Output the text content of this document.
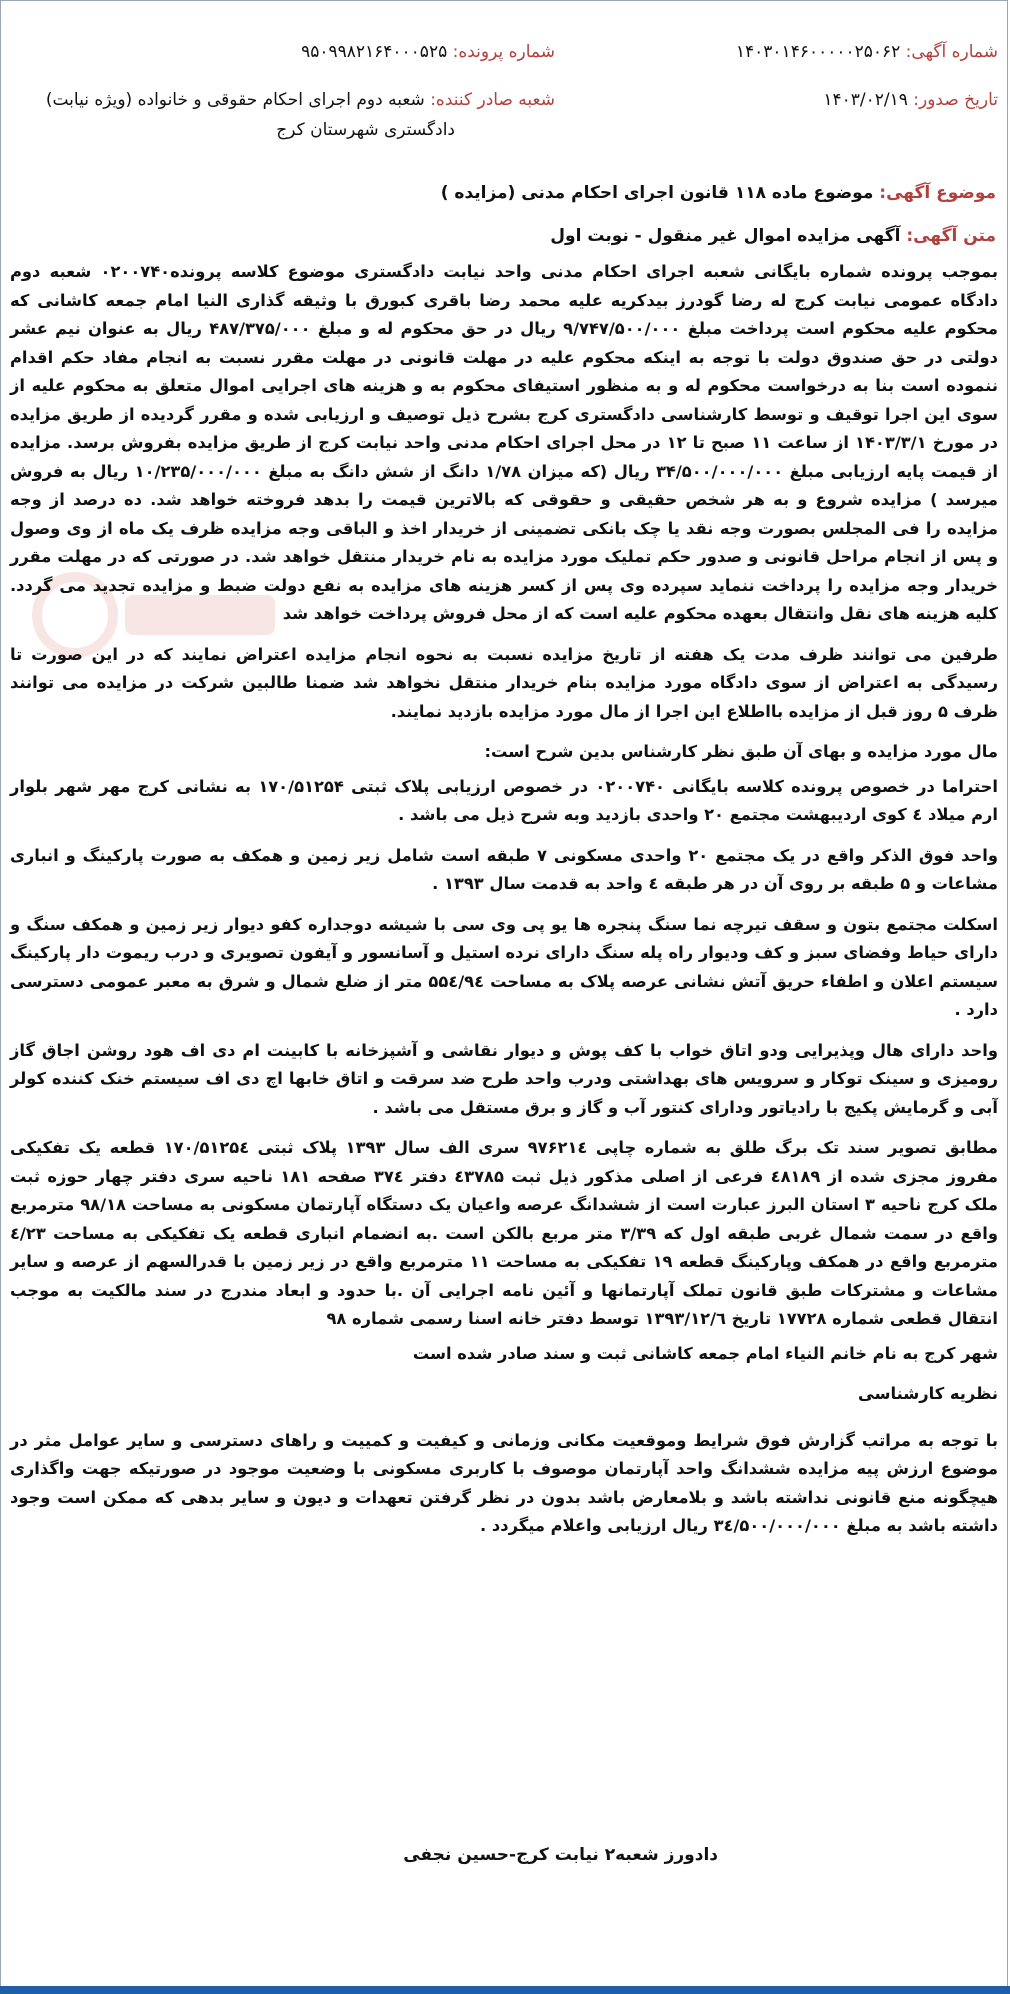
شماره آگهی: ۱۴۰۳۰۱۴۶۰۰۰۰۰۲۵۰۶۲
شماره پرونده: ۹۵۰۹۹۸۲۱۶۴۰۰۰۵۲۵
تاریخ صدور: ۱۴۰۳/۰۲/۱۹
شعبه صادر کننده: شعبه دوم اجرای احکام حقوقی و خانواده (ویژه نیابت)
دادگستری شهرستان کرج
موضوع آگهی: موضوع ماده ۱۱۸ قانون اجرای احکام مدنی (مزایده )
متن آگهی: آگهی مزایده اموال غیر منقول - نوبت اول

بموجب پرونده شماره بایگانی شعبه اجرای احکام مدنی واحد نیابت دادگستری موضوع کلاسه پرونده۰۲۰۰۷۴۰ شعبه دوم دادگاه عمومی نیابت کرج له رضا گودرز بیدکریه علیه محمد رضا باقری کبورق با وثیقه گذاری النیا امام جمعه کاشانی که محکوم علیه محکوم است پرداخت مبلغ ۹/۷۴۷/۵۰۰/۰۰۰ ریال در حق محکوم له و مبلغ ۴۸۷/۳۷۵/۰۰۰ ریال به عنوان نیم عشر دولتی در حق صندوق دولت با توجه به اینکه محکوم علیه در مهلت قانونی در مهلت مقرر نسبت به انجام مفاد حکم اقدام ننموده است بنا به درخواست محکوم له و به منظور استیفای محکوم به و هزینه های اجرایی اموال متعلق به محکوم علیه از سوی این اجرا توقیف و توسط کارشناسی دادگستری کرج بشرح ذیل توصیف و ارزیابی شده و مقرر گردیده از طریق مزایده در مورخ ۱۴۰۳/۳/۱ از ساعت ۱۱ صبح تا ۱۲ در محل اجرای احکام مدنی واحد نیابت کرج از طریق مزایده بفروش برسد. مزایده از قیمت پایه ارزیابی مبلغ ۳۴/۵۰۰/۰۰۰/۰۰۰ ریال (که میزان ۱/۷۸ دانگ از شش دانگ به مبلغ ۱۰/۲۳۵/۰۰۰/۰۰۰ ریال به فروش میرسد ) مزایده شروع و به هر شخص حقیقی و حقوقی که بالاترین قیمت را بدهد فروخته خواهد شد. ده درصد از وجه مزایده را فی المجلس بصورت وجه نقد یا چک بانکی تضمینی از خریدار اخذ و الباقی وجه مزایده ظرف یک ماه از وی وصول و پس از انجام مراحل قانونی و صدور حکم تملیک مورد مزایده به نام خریدار منتقل خواهد شد. در صورتی که در مهلت مقرر خریدار وجه مزایده را پرداخت ننماید سپرده وی پس از کسر هزینه های مزایده به نفع دولت ضبط و مزایده تجدید می گردد. کلیه هزینه های نقل وانتقال بعهده محکوم علیه است که از محل فروش پرداخت خواهد شد

طرفین می توانند ظرف مدت یک هفته از تاریخ مزایده نسبت به نحوه انجام مزایده اعتراض نمایند که در این صورت تا رسیدگی به اعتراض از سوی دادگاه مورد مزایده بنام خریدار منتقل نخواهد شد ضمنا طالبین شرکت در مزایده می توانند ظرف ۵ روز قبل از مزایده بااطلاع این اجرا از مال مورد مزایده بازدید نمایند.

مال مورد مزایده و بهای آن طبق نظر کارشناس بدین شرح است:

احتراما در خصوص پرونده کلاسه بایگانی ۰۲۰۰۷۴۰ در خصوص ارزیابی پلاک ثبتی ۱۷۰/۵۱۲۵۴ به نشانی کرج مهر شهر بلوار ارم میلاد ٤ کوی اردیبهشت مجتمع ۲۰ واحدی بازدید وبه شرح ذیل می باشد .

واحد فوق الذکر واقع در یک مجتمع ۲۰ واحدی مسکونی ۷ طبقه است شامل زیر زمین و همکف به صورت پارکینگ و انباری مشاعات و ۵ طبقه بر روی آن در هر طبقه ٤ واحد به قدمت سال ۱۳۹۳ .

اسکلت مجتمع بتون و سقف تیرچه نما سنگ پنجره ها یو پی وی سی با شیشه دوجداره کفو دیوار زیر زمین و همکف سنگ و دارای حیاط وفضای سبز و کف ودیوار راه پله سنگ دارای نرده استیل و آسانسور و آیفون تصویری و درب ریموت دار پارکینگ سیستم اعلان و اطفاء حریق آتش نشانی عرصه پلاک به مساحت ۵۵٤/۹٤ متر از ضلع شمال و شرق به معبر عمومی دسترسی دارد .

واحد دارای هال وپذیرایی ودو اتاق خواب با کف پوش و دیوار نقاشی و آشپزخانه با کابینت ام دی اف هود روشن اجاق گاز رومیزی و سینک توکار و سرویس های بهداشتی ودرب واحد طرح ضد سرقت و اتاق خابها اچ دی اف سیستم خنک کننده کولر آبی و گرمایش پکیج با رادیاتور ودارای کنتور آب و گاز و برق مستقل می باشد .

مطابق تصویر سند تک برگ طلق به شماره چاپی ۹۷۶۲۱٤ سری الف سال ۱۳۹۳ پلاک ثبتی ۱۷۰/۵۱۲۵٤ قطعه یک تفکیکی مفروز مجزی شده از ٤۸۱۸۹ فرعی از اصلی مذکور ذیل ثبت ٤۳۷۸۵ دفتر ۳۷٤ صفحه ۱۸۱ ناحیه سری دفتر چهار حوزه ثبت ملک کرج ناحیه ۳ استان البرز عبارت است از ششدانگ عرصه واعیان یک دستگاه آپارتمان مسکونی به مساحت ۹۸/۱۸ مترمربع واقع در سمت شمال غربی طبقه اول که ۳/۳۹ متر مربع بالکن است .به انضمام انباری قطعه یک تفکیکی به مساحت ٤/۲۳ مترمربع واقع در همکف وپارکینگ قطعه ۱۹ تفکیکی به مساحت ۱۱ مترمربع واقع در زیر زمین با قدرالسهم از عرصه و سایر مشاعات و مشترکات طبق قانون تملک آپارتمانها و آئین نامه اجرایی آن .با حدود و ابعاد مندرج در سند مالکیت به موجب انتقال قطعی شماره ۱۷۷۲۸ تاریخ ۱۳۹۳/۱۲/٦ توسط دفتر خانه اسنا رسمی شماره ۹۸

شهر کرج به نام خانم النیاء امام جمعه کاشانی ثبت و سند صادر شده است

نظریه کارشناسی

با توجه به مراتب گزارش فوق شرایط وموقعیت مکانی وزمانی و کیفیت و کمییت و راهای دسترسی و سایر عوامل مثر در موضوع ارزش پیه مزایده ششدانگ واحد آپارتمان موصوف با کاربری مسکونی با وضعیت موجود در صورتیکه جهت واگذاری هیچگونه منع قانونی نداشته باشد و بلامعارض باشد بدون در نظر گرفتن تعهدات و دیون و سایر بدهی که ممکن است وجود داشته باشد به مبلغ ۳٤/۵۰۰/۰۰۰/۰۰۰ ریال ارزیابی واعلام میگردد .

دادورز شعبه۲ نیابت کرج-حسین نجفی
